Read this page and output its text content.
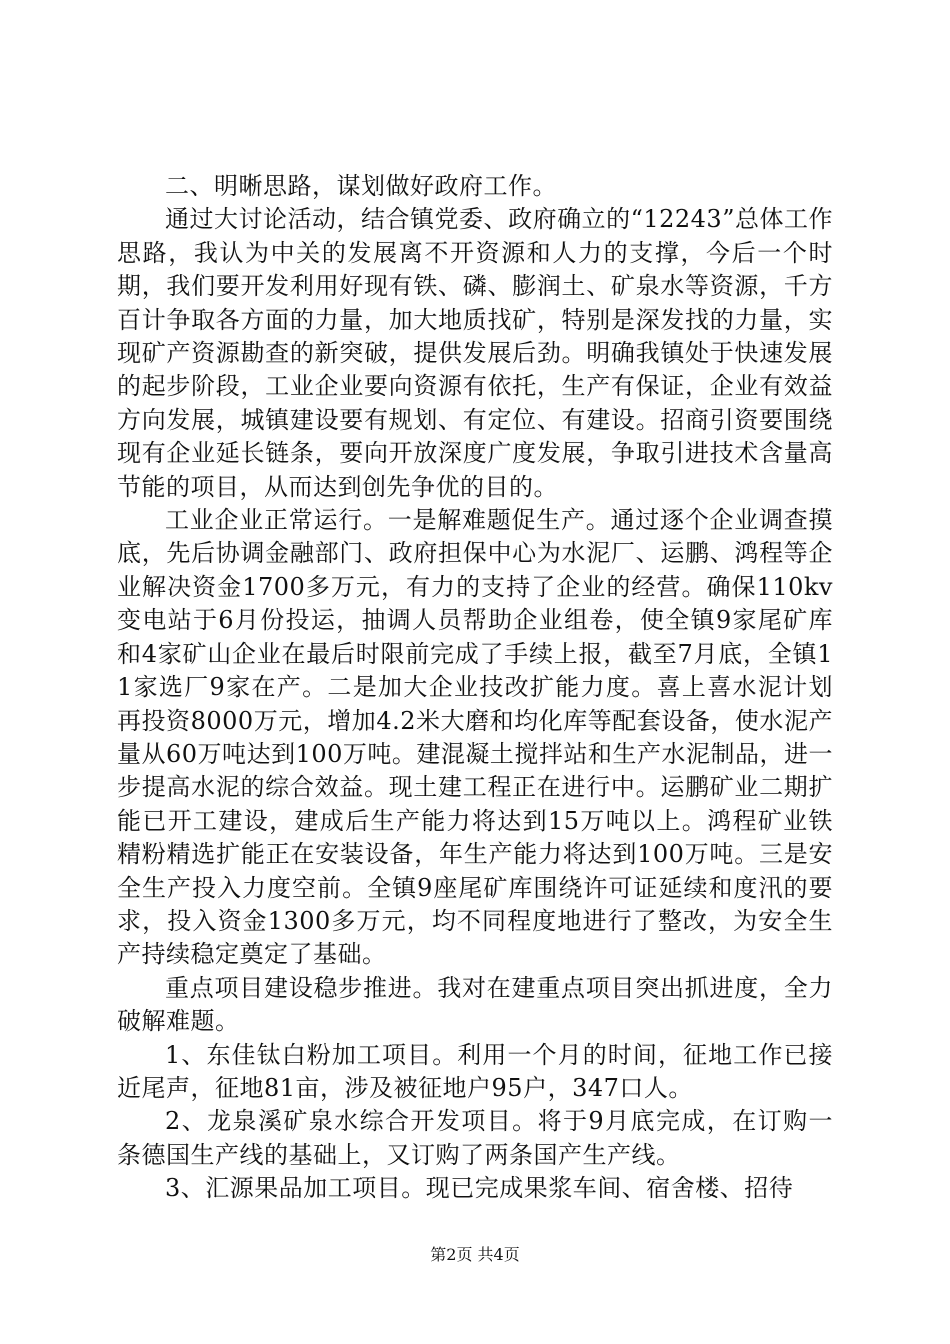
二、明晰思路，谋划做好政府工作。

通过大讨论活动，结合镇党委、政府确立的“12243”总体工作思路，我认为中关的发展离不开资源和人力的支撑，今后一个时期，我们要开发利用好现有铁、磷、膨润土、矿泉水等资源，千方百计争取各方面的力量，加大地质找矿，特别是深发找的力量，实现矿产资源勘查的新突破，提供发展后劲。明确我镇处于快速发展的起步阶段，工业企业要向资源有依托，生产有保证，企业有效益方向发展，城镇建设要有规划、有定位、有建设。招商引资要围绕现有企业延长链条，要向开放深度广度发展，争取引进技术含量高节能的项目，从而达到创先争优的目的。

工业企业正常运行。一是解难题促生产。通过逐个企业调查摸底，先后协调金融部门、政府担保中心为水泥厂、运鹏、鸿程等企业解决资金1700多万元，有力的支持了企业的经营。确保110kv变电站于6月份投运，抽调人员帮助企业组卷，使全镇9家尾矿库和4家矿山企业在最后时限前完成了手续上报，截至7月底，全镇11家选厂9家在产。二是加大企业技改扩能力度。喜上喜水泥计划再投资8000万元，增加4.2米大磨和均化库等配套设备，使水泥产量从60万吨达到100万吨。建混凝土搅拌站和生产水泥制品，进一步提高水泥的综合效益。现土建工程正在进行中。运鹏矿业二期扩能已开工建设，建成后生产能力将达到15万吨以上。鸿程矿业铁精粉精选扩能正在安装设备，年生产能力将达到100万吨。三是安全生产投入力度空前。全镇9座尾矿库围绕许可证延续和度汛的要求，投入资金1300多万元，均不同程度地进行了整改，为安全生产持续稳定奠定了基础。

重点项目建设稳步推进。我对在建重点项目突出抓进度，全力破解难题。

1、东佳钛白粉加工项目。利用一个月的时间，征地工作已接近尾声，征地81亩，涉及被征地户95户，347口人。

2、龙泉溪矿泉水综合开发项目。将于9月底完成，在订购一条德国生产线的基础上，又订购了两条国产生产线。

3、汇源果品加工项目。现已完成果浆车间、宿舍楼、招待

第2页 共4页
